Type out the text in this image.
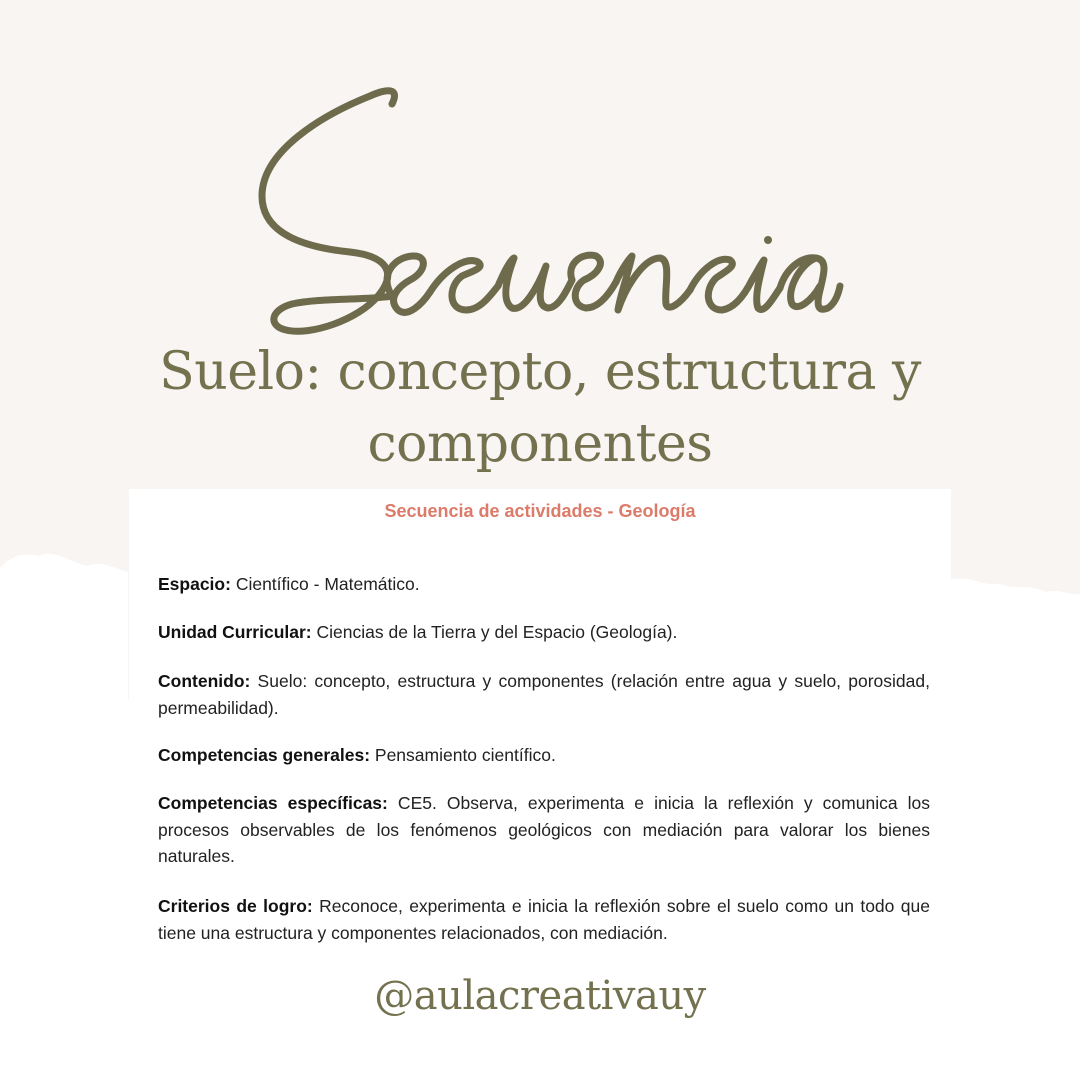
Suelo: concepto, estructura y componentes
Secuencia de actividades - Geología

Espacio: Científico - Matemático.

Unidad Curricular: Ciencias de la Tierra y del Espacio (Geología).

Contenido: Suelo: concepto, estructura y componentes (relación entre agua y suelo, porosidad, permeabilidad).

Competencias generales: Pensamiento científico.

Competencias específicas: CE5. Observa, experimenta e inicia la reflexión y comunica los procesos observables de los fenómenos geológicos con mediación para valorar los bienes naturales.

Criterios de logro: Reconoce, experimenta e inicia la reflexión sobre el suelo como un todo que tiene una estructura y componentes relacionados, con mediación.

@aulacreativauy
